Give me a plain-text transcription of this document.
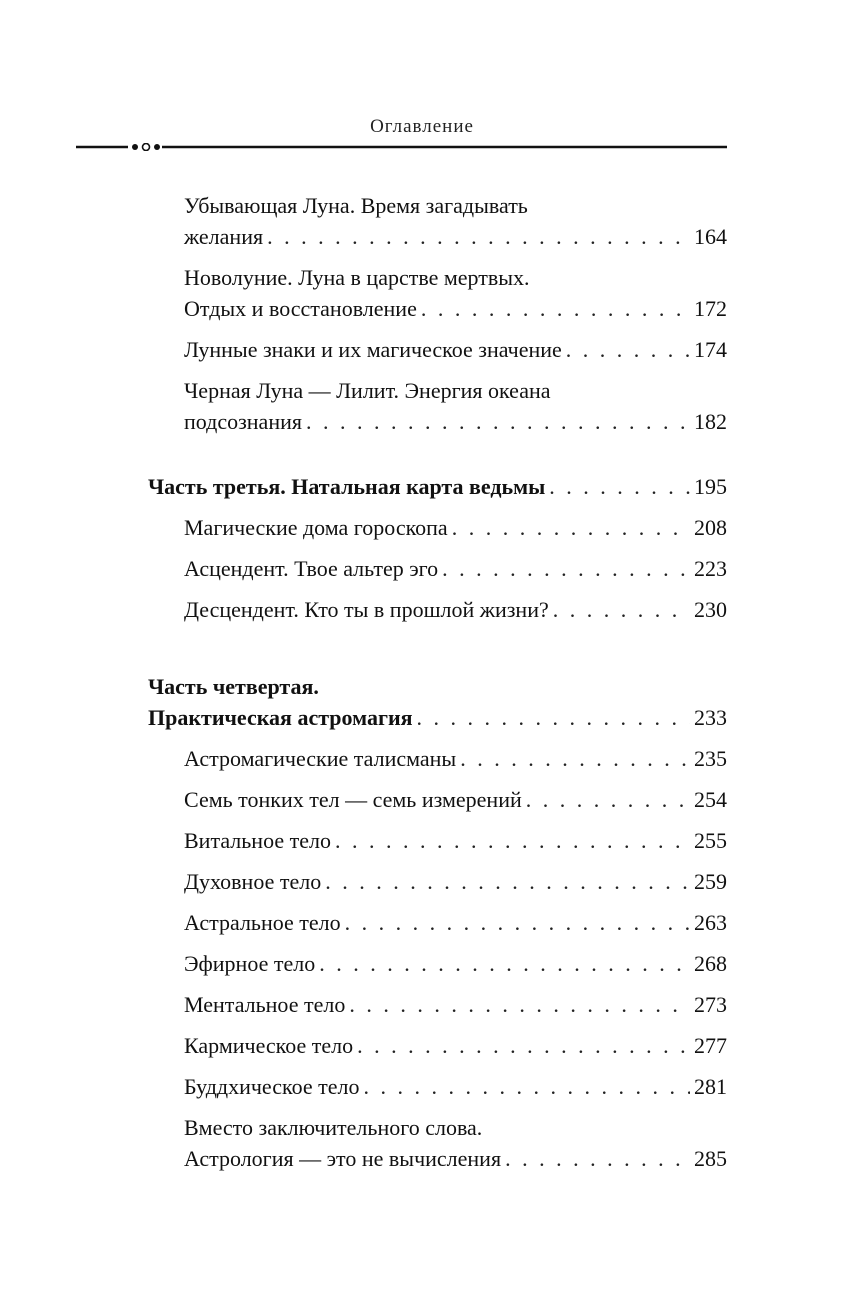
Оглавление
Убывающая Луна. Время загадывать
желания . . .	164
Новолуние. Луна в царстве мертвых.
Отдых и восстановление . . .	172
Лунные знаки и их магическое значение . . .	174
Черная Луна — Лилит. Энергия океана
подсознания . . .	182
Часть третья. Натальная карта ведьмы . . .	195
Магические дома гороскопа . . .	208
Асцендент. Твое альтер эго . . .	223
Десцендент. Кто ты в прошлой жизни? . . .	230
Часть четвертая.
Практическая астромагия . . .	233
Астромагические талисманы . . .	235
Семь тонких тел — семь измерений . . .	254
Витальное тело . . .	255
Духовное тело . . .	259
Астральное тело . . .	263
Эфирное тело . . .	268
Ментальное тело . . .	273
Кармическое тело . . .	277
Буддхическое тело . . .	281
Вместо заключительного слова.
Астрология — это не вычисления . . .	285
